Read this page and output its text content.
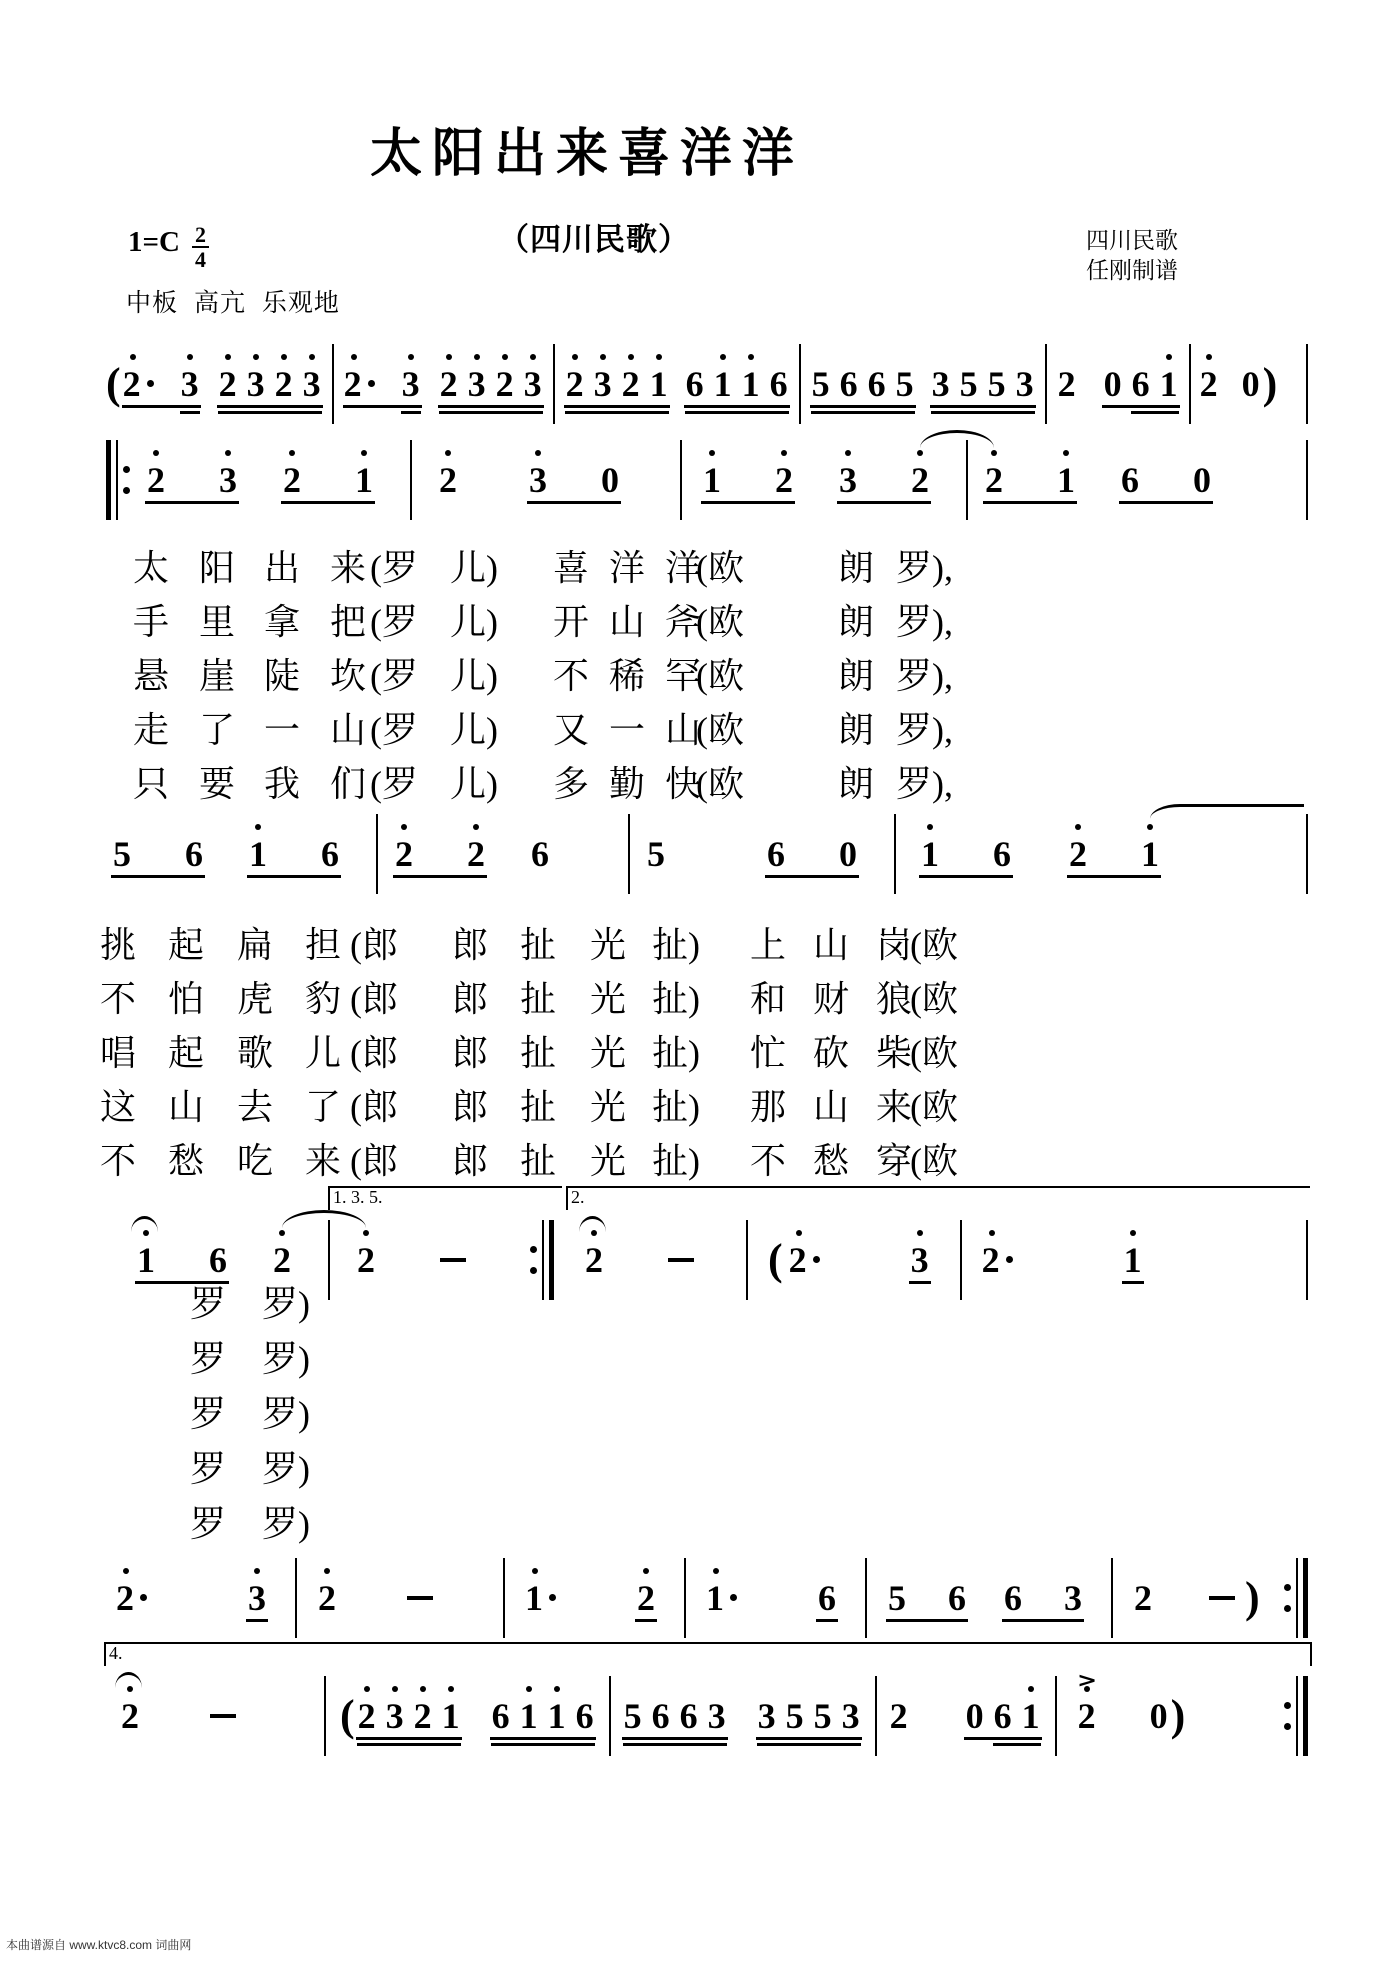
太阳出来喜洋洋
（四川民歌）	四川民歌
任刚制谱
$1=C \frac{2}{4}$
中板 高亢 乐观地
( 2	3 2 3 2 3 2	3 2 3 2 3 2 3 2 1 6 1 1 6 5 6 6 5 3 5 5 3 2 0 6 1 2 0 )
2 3 2 1 2 3 0 1 2 3 2 2 1 6 0
5 6 1 6 2 2 6	5	6 0 1 6 2 1
1 6 2 2	2	( 2	3 2	1
1. 3. 5.	2.
2	3 2	1	2 1	6 5 6 6 3 2 )
2	( 2 3 2 1 6 1 1 6 5 6 6 3 3 5 5 3 2 0 6 1 2
>
0 )
4.
太 阳 出 来 (罗 儿) 喜 洋 洋
(欧	朗 罗),
手 里 拿 把 (罗 儿) 开 山 斧
(欧	朗 罗),
悬 崖 陡 坎 (罗 儿) 不 稀 罕
(欧	朗 罗),
走 了 一 山 (罗 儿) 又 一 山
(欧	朗 罗),
只 要 我 们 (罗 儿) 多 勤 快
(欧	朗 罗),
挑 起 扁 担 (郎 郎 扯 光 扯) 上 山 岗
(欧
不 怕 虎 豹 (郎 郎 扯 光 扯) 和 财 狼
(欧
唱 起 歌 儿 (郎 郎 扯 光 扯) 忙 砍 柴
(欧
这 山 去 了 (郎 郎 扯 光 扯) 那 山 来
(欧
不 愁 吃 来 (郎 郎 扯 光 扯) 不 愁 穿
(欧
罗 罗)
罗 罗)
罗 罗)
罗 罗)
罗 罗)
本曲谱源自 www.ktvc8.com 词曲网
